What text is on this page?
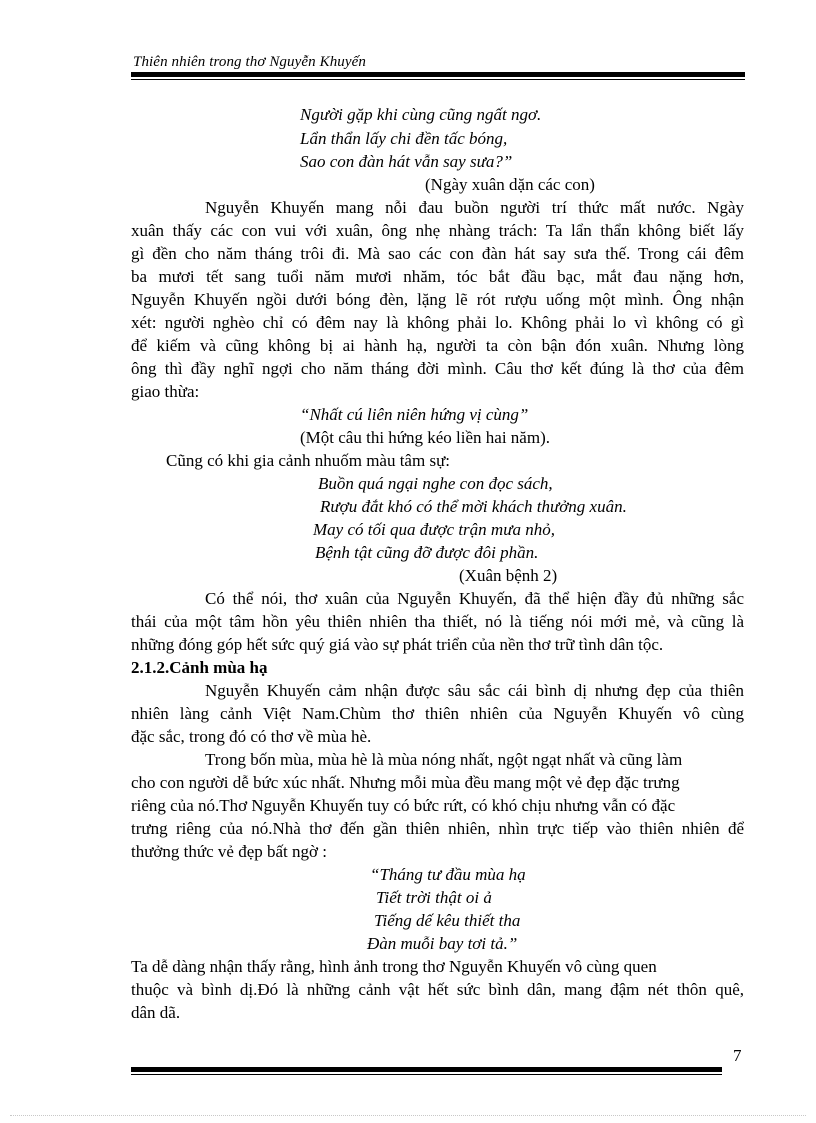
Thiên nhiên trong thơ Nguyễn Khuyến
Người gặp khi cùng cũng ngất ngơ.
Lẩn thẩn lấy chi đền tấc bóng,
Sao con đàn hát vẫn say sưa?”
(Ngày xuân dặn các con)
Nguyễn Khuyến mang nỗi đau buồn người trí thức mất nước. Ngày
xuân thấy các con vui với xuân, ông nhẹ nhàng trách: Ta lẩn thẩn không biết lấy
gì đền cho năm tháng trôi đi. Mà sao các con đàn hát say sưa thế. Trong cái đêm
ba mươi tết sang tuổi năm mươi nhăm, tóc bắt đầu bạc, mắt đau nặng hơn,
Nguyễn Khuyến ngồi dưới bóng đèn, lặng lẽ rót rượu uống một mình. Ông nhận
xét: người nghèo chỉ có đêm nay là không phải lo. Không phải lo vì không có gì
để kiếm và cũng không bị ai hành hạ, người ta còn bận đón xuân. Nhưng lòng
ông thì đầy nghĩ ngợi cho năm tháng đời mình. Câu thơ kết đúng là thơ của đêm
giao thừa:
“Nhất cú liên niên hứng vị cùng”
(Một câu thi hứng kéo liền hai năm).
Cũng có khi gia cảnh nhuốm màu tâm sự:
Buồn quá ngại nghe con đọc sách,
Rượu đắt khó có thể mời khách thưởng xuân.
May có tối qua được trận mưa nhỏ,
Bệnh tật cũng đỡ được đôi phần.
(Xuân bệnh 2)
Có thể nói, thơ xuân của Nguyễn Khuyến, đã thể hiện đầy đủ những sắc
thái của một tâm hồn yêu thiên nhiên tha thiết, nó là tiếng nói mới mẻ, và cũng là
những đóng góp hết sức quý giá vào sự phát triển của nền thơ trữ tình dân tộc.
2.1.2.Cảnh mùa hạ
Nguyễn Khuyến cảm nhận được sâu sắc cái bình dị nhưng đẹp của thiên
nhiên làng cảnh Việt Nam.Chùm thơ thiên nhiên của Nguyễn Khuyến vô cùng
đặc sắc, trong đó có thơ về mùa hè.
Trong bốn mùa, mùa hè là mùa nóng nhất, ngột ngạt nhất và cũng làm
cho con người dễ bức xúc nhất. Nhưng mỗi mùa đều mang một vẻ đẹp đặc trưng
riêng của nó.Thơ Nguyễn Khuyến tuy có bức rứt, có khó chịu nhưng vẫn có đặc
trưng riêng của nó.Nhà thơ đến gần thiên nhiên, nhìn trực tiếp vào thiên nhiên để
thưởng thức vẻ đẹp bất ngờ :
“Tháng tư đầu mùa hạ
Tiết trời thật oi ả
Tiếng dế kêu thiết tha
Đàn muỗi bay tơi tả.”
Ta dễ dàng nhận thấy rằng, hình ảnh trong thơ Nguyễn Khuyến vô cùng quen
thuộc và bình dị.Đó là những cảnh vật hết sức bình dân, mang đậm nét thôn quê,
dân dã.
7
